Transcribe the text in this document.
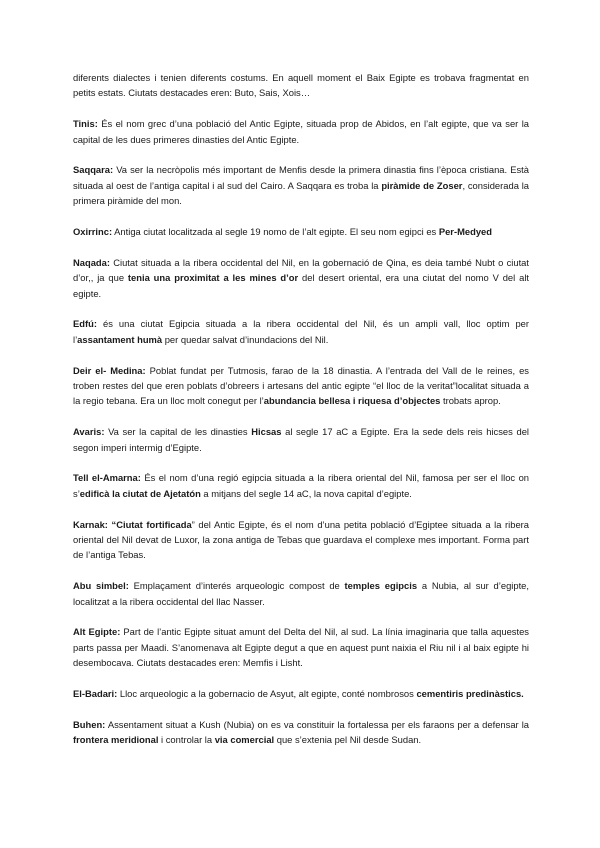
diferents dialectes i tenien diferents costums. En aquell moment el Baix Egipte es trobava fragmentat en petits estats. Ciutats destacades eren: Buto, Sais, Xois…

Tinis: És el nom grec d’una població del Antic Egipte, situada prop de Abidos, en l’alt egipte, que va ser la capital de les dues primeres dinasties del Antic Egipte.

Saqqara: Va ser la necròpolis més important de Menfis desde la primera dinastia fins l’època cristiana. Està situada al oest de l’antiga capital i al sud del Cairo. A Saqqara es troba la piràmide de Zoser, considerada la primera piràmide del mon.

Oxirrinc: Antiga ciutat localitzada al segle 19 nomo de l’alt egipte. El seu nom egipci es Per-Medyed

Naqada: Ciutat situada a la ribera occidental del Nil, en la gobernació de Qina, es deia també Nubt o ciutat d’or,, ja que tenia una proximitat a les mines d’or del desert oriental, era una ciutat del nomo V del alt egipte.

Edfú: és una ciutat Egipcia situada a la ribera occidental del Nil, és un ampli vall, lloc optim per l’assantament humà per quedar salvat d’inundacions del Nil.

Deir el- Medina: Poblat fundat per Tutmosis, farao de la 18 dinastia. A l’entrada del Vall de le reines, es troben restes del que eren poblats d’obreers i artesans del antic egipte “el lloc de la veritat”localitat situada a la regio tebana. Era un lloc molt conegut per l’abundancia bellesa i riquesa d’objectes trobats aprop.

Avaris: Va ser la capital de les dinasties Hicsas al segle 17 aC a Egipte. Era la sede dels reis hicses del segon imperi intermig d’Egipte.

Tell el-Amarna: És el nom d’una regió egipcia situada a la ribera oriental del Nil, famosa per ser el lloc on s’edificà la ciutat de Ajetatón a mitjans del segle 14 aC, la nova capital d’egipte.

Karnak: “Ciutat fortificada” del Antic Egipte, és el nom d’una petita població d’Egiptee situada a la ribera oriental del Nil devat de Luxor, la zona antiga de Tebas que guardava el complexe mes important. Forma part de l’antiga Tebas.

Abu simbel: Emplaçament d’interés arqueologic compost de temples egipcis a Nubia, al sur d’egipte, localitzat a la ribera occidental del llac Nasser.

Alt Egipte: Part de l’antic Egipte situat amunt del Delta del Nil, al sud. La línia imaginaria que talla aquestes parts passa per Maadi. S’anomenava alt Egipte degut a que en aquest punt naixia el Riu nil i al baix egipte hi desembocava. Ciutats destacades eren: Memfis i Lisht.

El-Badari: Lloc arqueologic a la gobernacio de Asyut, alt egipte, conté nombrosos cementiris predinàstics.

Buhen: Assentament situat a Kush (Nubia) on es va constituir la fortalessa per els faraons per a defensar la frontera meridional i controlar la via comercial que s’extenia pel Nil desde Sudan.
